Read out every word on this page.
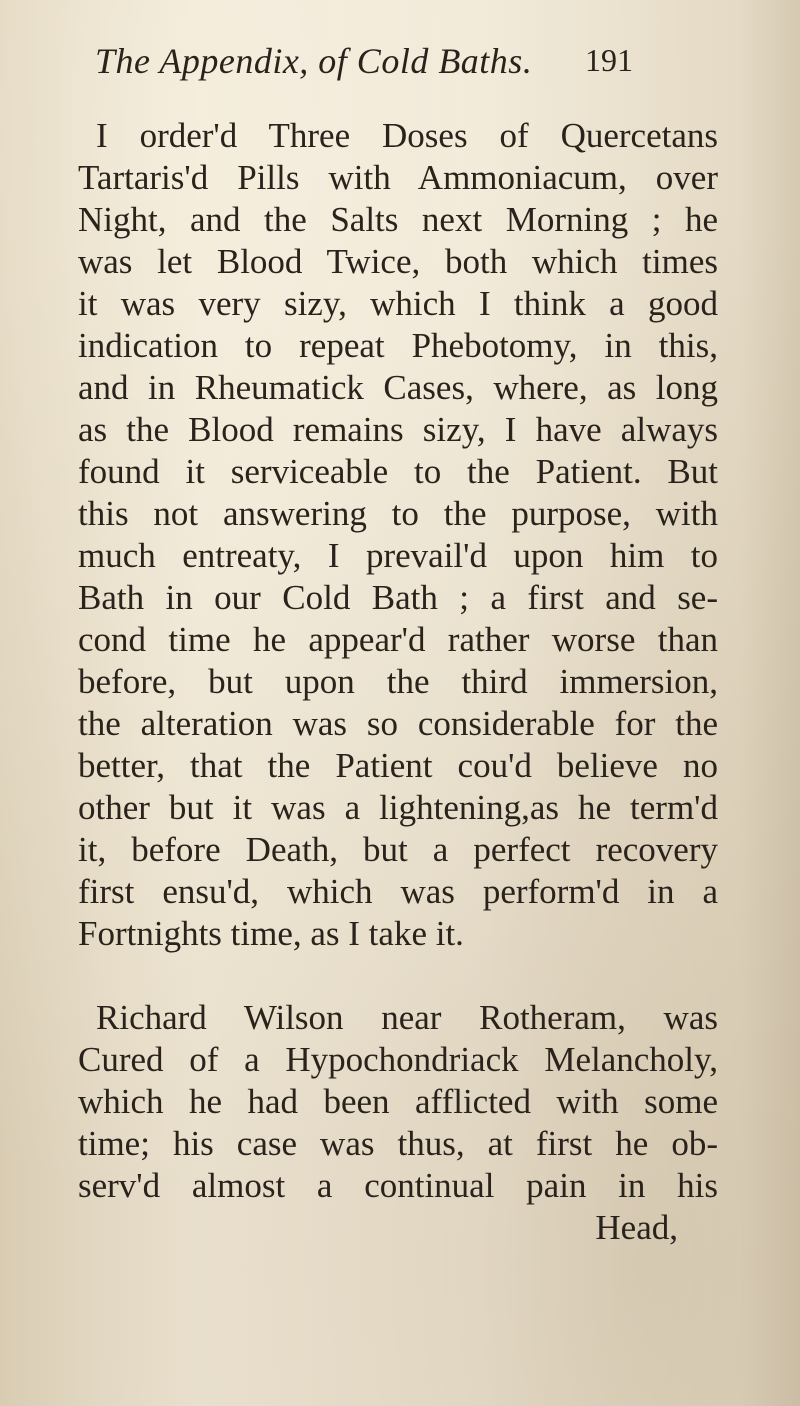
The Appendix, of Cold Baths. 191
I order'd Three Doses of Quercetans
Tartaris'd Pills with Ammoniacum, over
Night, and the Salts next Morning ; he
was let Blood Twice, both which times
it was very sizy, which I think a good
indication to repeat Phebotomy, in this,
and in Rheumatick Cases, where, as long
as the Blood remains sizy, I have always
found it serviceable to the Patient. But
this not answering to the purpose, with
much entreaty, I prevail'd upon him to
Bath in our Cold Bath ; a first and se-
cond time he appear'd rather worse than
before, but upon the third immersion,
the alteration was so considerable for the
better, that the Patient cou'd believe no
other but it was a lightening,as he term'd
it, before Death, but a perfect recovery
first ensu'd, which was perform'd in a
Fortnights time, as I take it.
Richard Wilson near Rotheram, was
Cured of a Hypochondriack Melancholy,
which he had been afflicted with some
time; his case was thus, at first he ob-
serv'd almost a continual pain in his
Head,
